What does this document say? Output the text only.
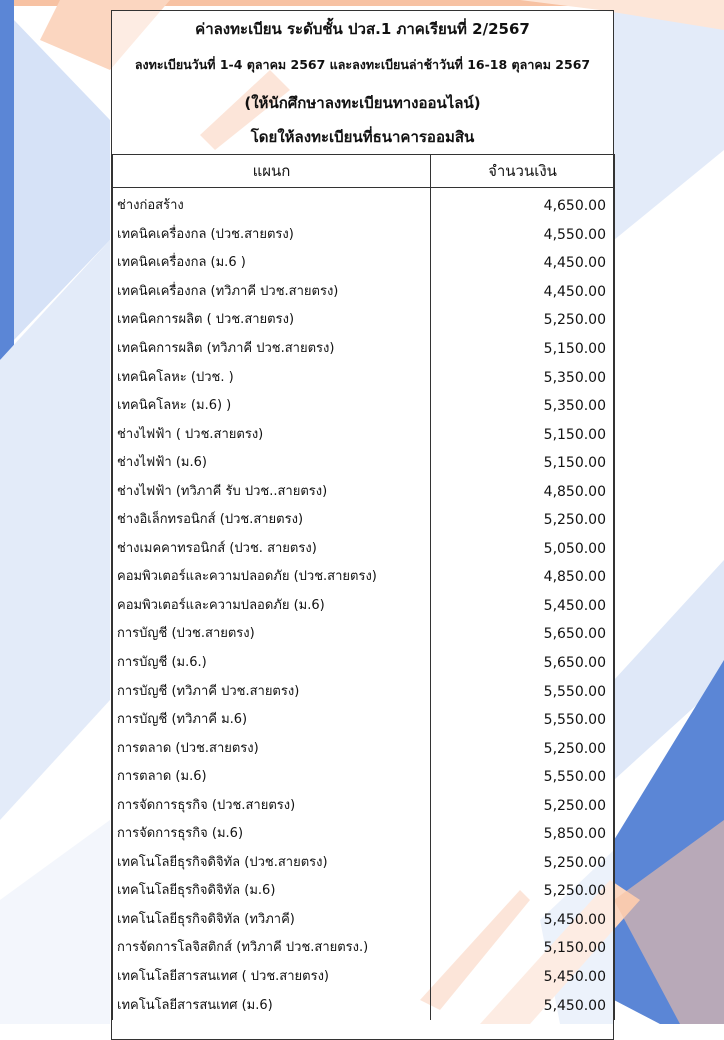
ค่าลงทะเบียน ระดับชั้น ปวส.1 ภาคเรียนที่ 2/2567
ลงทะเบียนวันที่ 1-4 ตุลาคม 2567 และลงทะเบียนล่าช้าวันที่ 16-18 ตุลาคม 2567
(ให้นักศึกษาลงทะเบียนทางออนไลน์)
โดยให้ลงทะเบียนที่ธนาคารออมสิน
แผนก	จำนวนเงิน
ช่างก่อสร้าง	4,650.00
เทคนิคเครื่องกล (ปวช.สายตรง)	4,550.00
เทคนิคเครื่องกล (ม.6 )	4,450.00
เทคนิคเครื่องกล (ทวิภาคี ปวช.สายตรง)	4,450.00
เทคนิคการผลิต ( ปวช.สายตรง)	5,250.00
เทคนิคการผลิต (ทวิภาคี ปวช.สายตรง)	5,150.00
เทคนิคโลหะ (ปวช. )	5,350.00
เทคนิคโลหะ (ม.6) )	5,350.00
ช่างไฟฟ้า ( ปวช.สายตรง)	5,150.00
ช่างไฟฟ้า (ม.6)	5,150.00
ช่างไฟฟ้า (ทวิภาคี รับ ปวช..สายตรง)	4,850.00
ช่างอิเล็กทรอนิกส์ (ปวช.สายตรง)	5,250.00
ช่างเมคคาทรอนิกส์ (ปวช. สายตรง)	5,050.00
คอมพิวเตอร์และความปลอดภัย (ปวช.สายตรง)	4,850.00
คอมพิวเตอร์และความปลอดภัย (ม.6)	5,450.00
การบัญชี (ปวช.สายตรง)	5,650.00
การบัญชี (ม.6.)	5,650.00
การบัญชี (ทวิภาคี ปวช.สายตรง)	5,550.00
การบัญชี (ทวิภาคี ม.6)	5,550.00
การตลาด (ปวช.สายตรง)	5,250.00
การตลาด (ม.6)	5,550.00
การจัดการธุรกิจ (ปวช.สายตรง)	5,250.00
การจัดการธุรกิจ (ม.6)	5,850.00
เทคโนโลยีธุรกิจดิจิทัล (ปวช.สายตรง)	5,250.00
เทคโนโลยีธุรกิจดิจิทัล (ม.6)	5,250.00
เทคโนโลยีธุรกิจดิจิทัล (ทวิภาคี)	5,450.00
การจัดการโลจิสติกส์ (ทวิภาคี ปวช.สายตรง.)	5,150.00
เทคโนโลยีสารสนเทศ ( ปวช.สายตรง)	5,450.00
เทคโนโลยีสารสนเทศ (ม.6)	5,450.00
